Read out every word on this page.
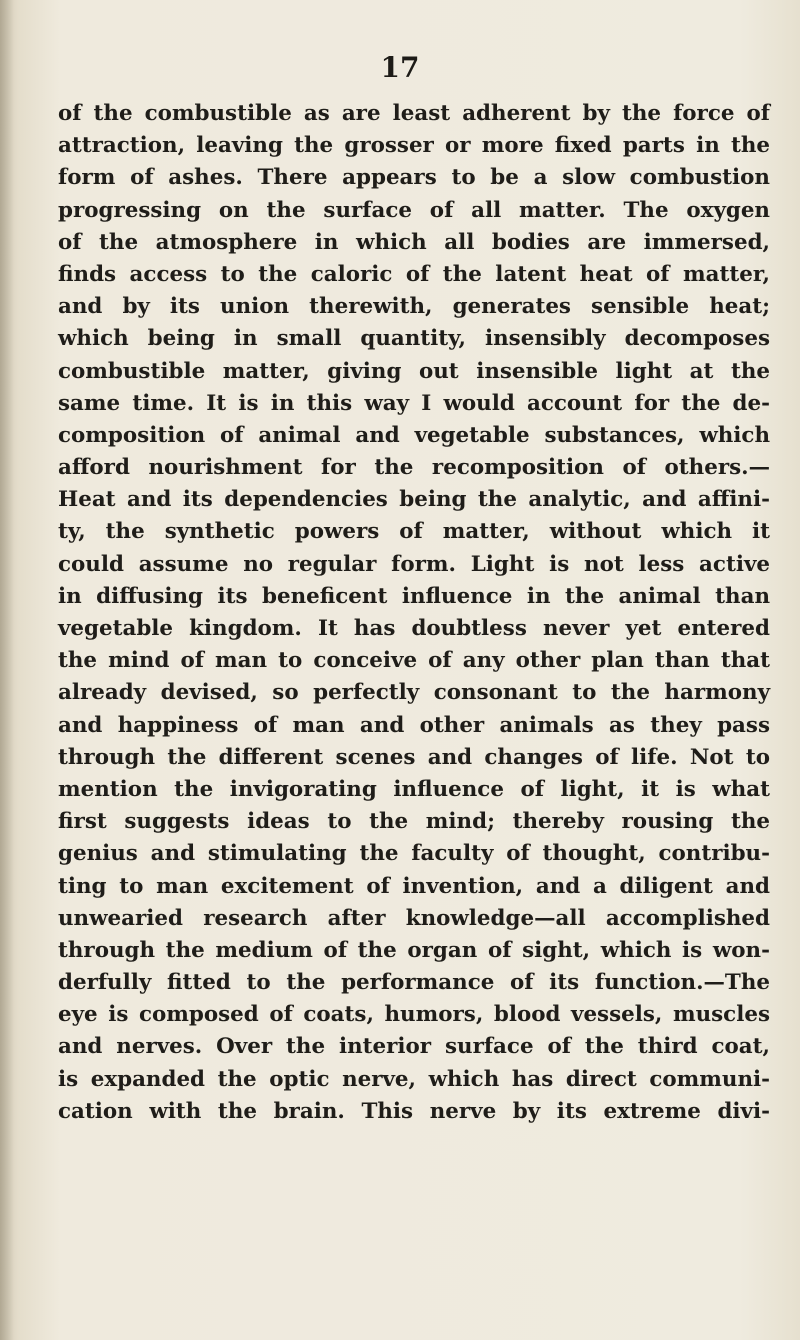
17
of the combustible as are least adherent by the force of
attraction, leaving the grosser or more fixed parts in the
form of ashes. There appears to be a slow combustion
progressing on the surface of all matter. The oxygen
of the atmosphere in which all bodies are immersed,
finds access to the caloric of the latent heat of matter,
and by its union therewith, generates sensible heat;
which being in small quantity, insensibly decomposes
combustible matter, giving out insensible light at the
same time. It is in this way I would account for the de-
composition of animal and vegetable substances, which
afford nourishment for the recomposition of others.—
Heat and its dependencies being the analytic, and affini-
ty, the synthetic powers of matter, without which it
could assume no regular form. Light is not less active
in diffusing its beneficent influence in the animal than
vegetable kingdom. It has doubtless never yet entered
the mind of man to conceive of any other plan than that
already devised, so perfectly consonant to the harmony
and happiness of man and other animals as they pass
through the different scenes and changes of life. Not to
mention the invigorating influence of light, it is what
first suggests ideas to the mind; thereby rousing the
genius and stimulating the faculty of thought, contribu-
ting to man excitement of invention, and a diligent and
unwearied research after knowledge—all accomplished
through the medium of the organ of sight, which is won-
derfully fitted to the performance of its function.—The
eye is composed of coats, humors, blood vessels, muscles
and nerves. Over the interior surface of the third coat,
is expanded the optic nerve, which has direct communi-
cation with the brain. This nerve by its extreme divi-
